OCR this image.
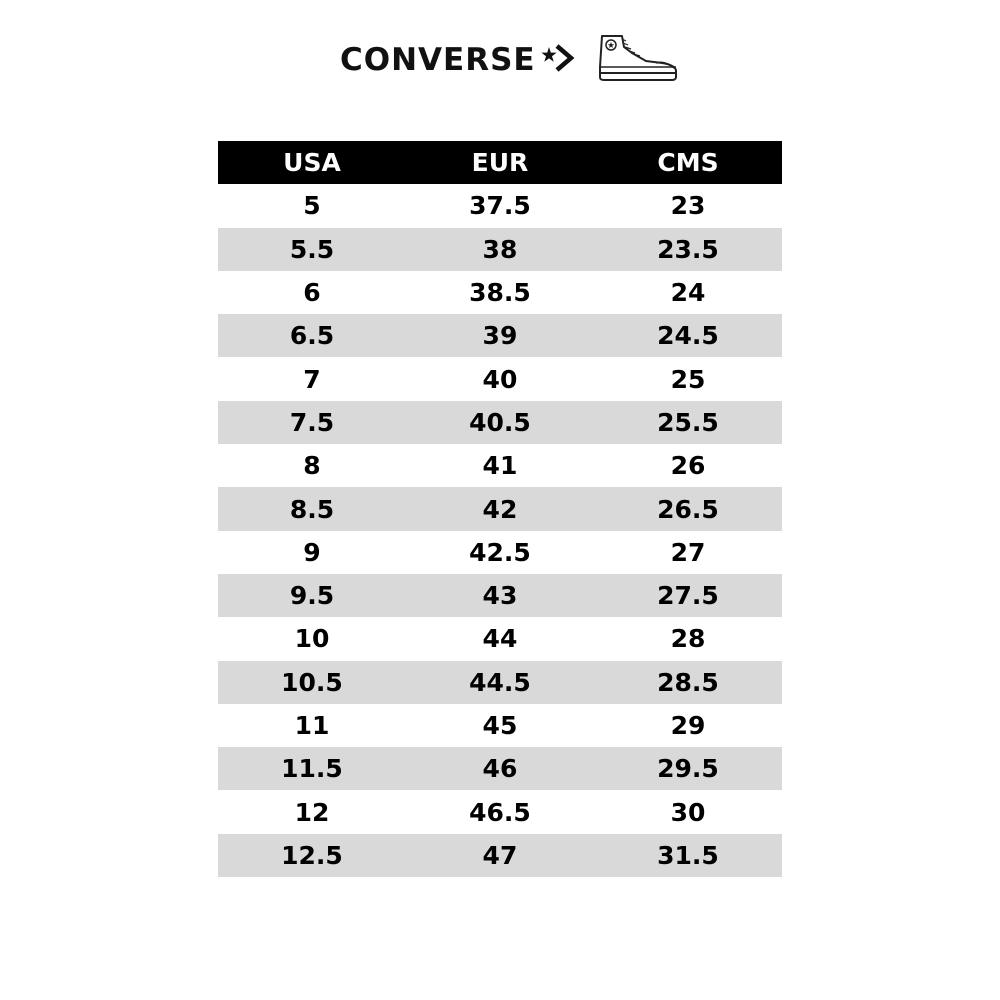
CONVERSE
USA	EUR	CMS
5	37.5	23
5.5	38	23.5
6	38.5	24
6.5	39	24.5
7	40	25
7.5	40.5	25.5
8	41	26
8.5	42	26.5
9	42.5	27
9.5	43	27.5
10	44	28
10.5	44.5	28.5
11	45	29
11.5	46	29.5
12	46.5	30
12.5	47	31.5
